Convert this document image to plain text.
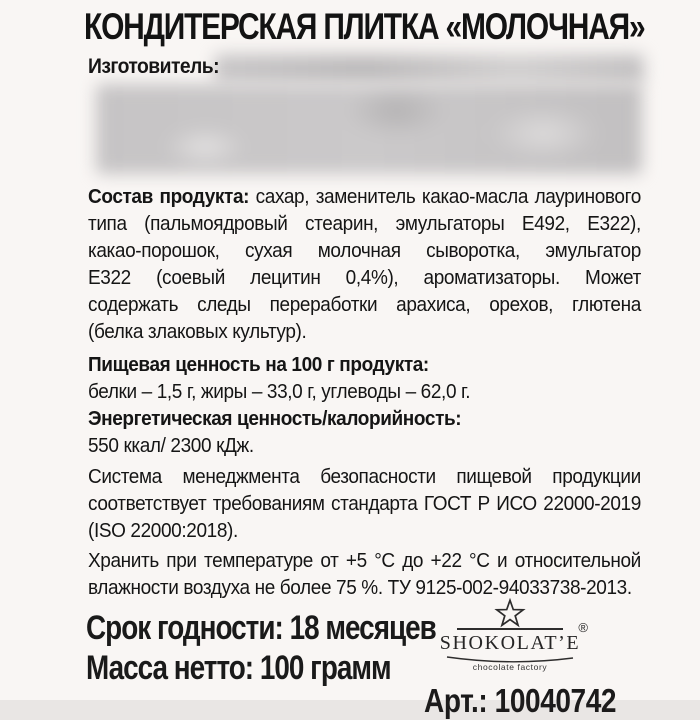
КОНДИТЕРСКАЯ ПЛИТКА «МОЛОЧНАЯ»
Изготовитель:
Состав продукта: сахар, заменитель какао-масла лауринового
типа (пальмоядровый стеарин, эмульгаторы Е492, Е322),
какао-порошок, сухая молочная сыворотка, эмульгатор
Е322 (соевый лецитин 0,4%), ароматизаторы. Может
содержать следы переработки арахиса, орехов, глютена
(белка злаковых культур).
Пищевая ценность на 100 г продукта:
белки – 1,5 г, жиры – 33,0 г, углеводы – 62,0 г.
Энергетическая ценность/калорийность:
550 ккал/ 2300 кДж.
Система менеджмента безопасности пищевой продукции
соответствует требованиям стандарта ГОСТ Р ИСО 22000-2019
(ISO 22000:2018).
Хранить при температуре от +5 °С до +22 °С и относительной
влажности воздуха не более 75 %. ТУ 9125-002-94033738-2013.
Срок годности: 18 месяцев
Масса нетто: 100 грамм
®
SHOKOLAT’E
chocolate factory
Арт.: 10040742
